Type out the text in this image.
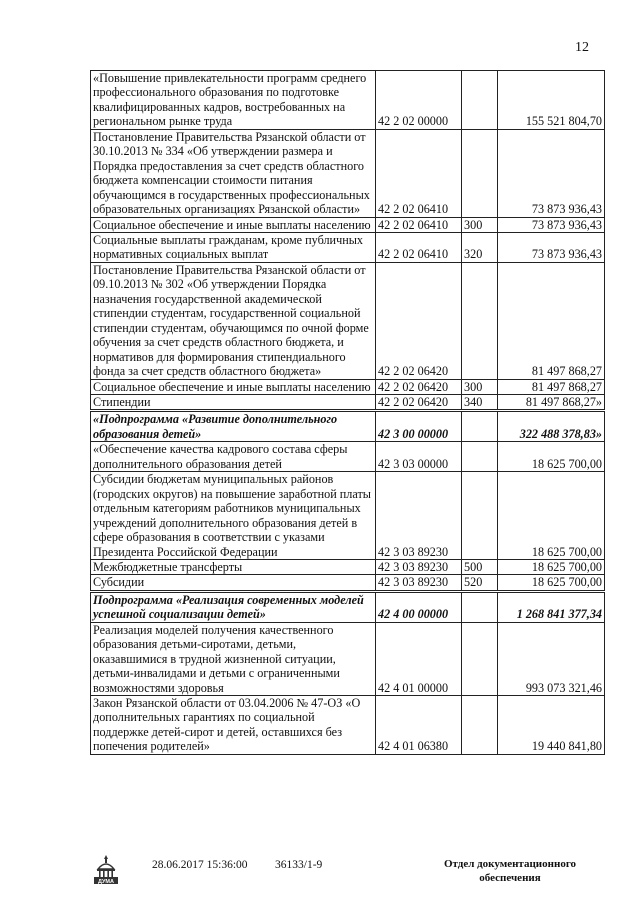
12
«Повышение привлекательности программ среднего профессионального образования по подготовке квалифицированных кадров, востребованных на региональном рынке труда	42 2 02 00000		155 521 804,70
Постановление Правительства Рязанской области от 30.10.2013 № 334 «Об утверждении размера и Порядка предоставления за счет средств областного бюджета компенсации стоимости питания обучающимся в государственных профессиональных образовательных организациях Рязанской области»	42 2 02 06410		73 873 936,43
Социальное обеспечение и иные выплаты населению	42 2 02 06410	300	73 873 936,43
Социальные выплаты гражданам, кроме публичных нормативных социальных выплат	42 2 02 06410	320	73 873 936,43
Постановление Правительства Рязанской области от 09.10.2013 № 302 «Об утверждении Порядка назначения государственной академической стипендии студентам, государственной социальной стипендии студентам, обучающимся по очной форме обучения за счет средств областного бюджета, и нормативов для формирования стипендиального фонда за счет средств областного бюджета»	42 2 02 06420		81 497 868,27
Социальное обеспечение и иные выплаты населению	42 2 02 06420	300	81 497 868,27
Стипендии	42 2 02 06420	340	81 497 868,27»
«Подпрограмма «Развитие дополнительного образования детей»	42 3 00 00000		322 488 378,83»
«Обеспечение качества кадрового состава сферы дополнительного образования детей	42 3 03 00000		18 625 700,00
Субсидии бюджетам муниципальных районов (городских округов) на повышение заработной платы отдельным категориям работников муниципальных учреждений дополнительного образования детей в сфере образования в соответствии с указами Президента Российской Федерации	42 3 03 89230		18 625 700,00
Межбюджетные трансферты	42 3 03 89230	500	18 625 700,00
Субсидии	42 3 03 89230	520	18 625 700,00
Подпрограмма «Реализация современных моделей успешной социализации детей»	42 4 00 00000		1 268 841 377,34
Реализация моделей получения качественного образования детьми-сиротами, детьми, оказавшимися в трудной жизненной ситуации, детьми-инвалидами и детьми с ограниченными возможностями здоровья	42 4 01 00000		993 073 321,46
Закон Рязанской области от 03.04.2006 № 47-ОЗ «О дополнительных гарантиях по социальной поддержке детей-сирот и детей, оставшихся без попечения родителей»	42 4 01 06380		19 440 841,80
ДУМА
28.06.2017 15:36:00 36133/1-9	Отдел документационного
обеспечения
